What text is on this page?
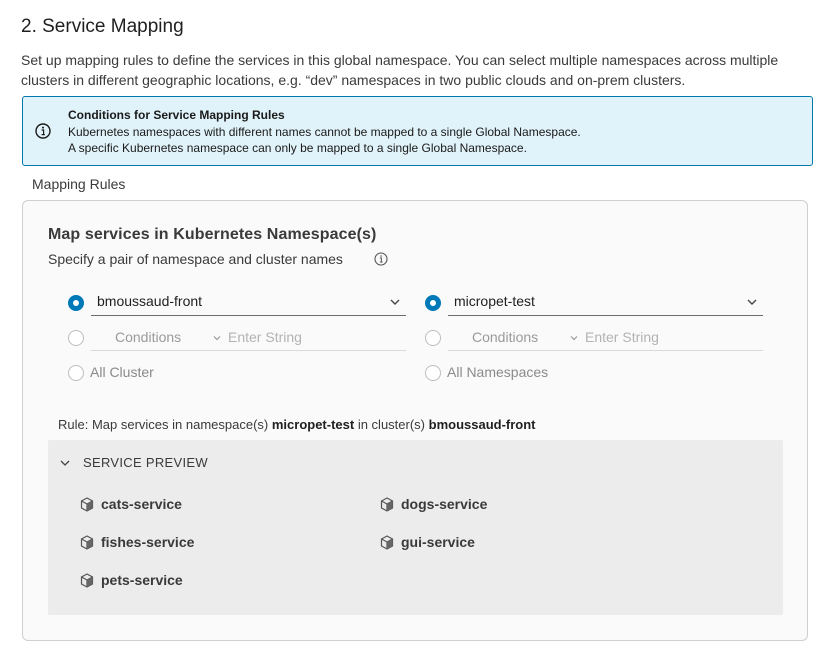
2. Service Mapping
Set up mapping rules to define the services in this global namespace. You can select multiple namespaces across multiple clusters in different geographic locations, e.g. “dev” namespaces in two public clouds and on-prem clusters.
Conditions for Service Mapping Rules
Kubernetes namespaces with different names cannot be mapped to a single Global Namespace.
A specific Kubernetes namespace can only be mapped to a single Global Namespace.
Mapping Rules
Map services in Kubernetes Namespace(s)
Specify a pair of namespace and cluster names
bmoussaud-front
Conditions	Enter String
All Cluster
micropet-test
Conditions	Enter String
All Namespaces
Rule: Map services in namespace(s) micropet-test in cluster(s) bmoussaud-front
SERVICE PREVIEW
cats-service	dogs-service
fishes-service	gui-service
pets-service
